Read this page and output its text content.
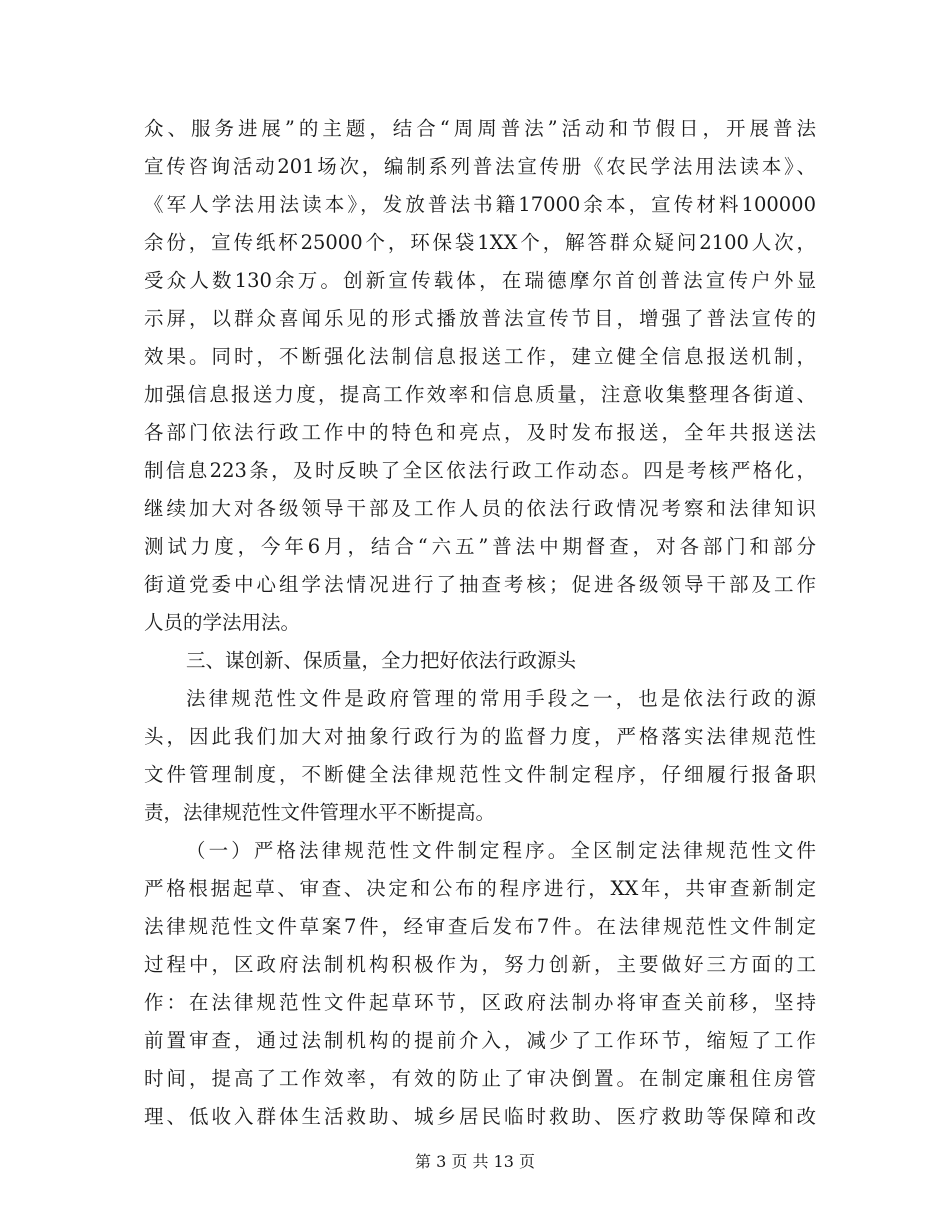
众、服务进展”的主题，结合“周周普法”活动和节假日，开展普法
宣传咨询活动201场次，编制系列普法宣传册《农民学法用法读本》、
《军人学法用法读本》，发放普法书籍17000余本，宣传材料100000
余份，宣传纸杯25000个，环保袋1XX个，解答群众疑问2100人次，
受众人数130余万。创新宣传载体，在瑞德摩尔首创普法宣传户外显
示屏，以群众喜闻乐见的形式播放普法宣传节目，增强了普法宣传的
效果。同时，不断强化法制信息报送工作，建立健全信息报送机制，
加强信息报送力度，提高工作效率和信息质量，注意收集整理各街道、
各部门依法行政工作中的特色和亮点，及时发布报送，全年共报送法
制信息223条，及时反映了全区依法行政工作动态。四是考核严格化，
继续加大对各级领导干部及工作人员的依法行政情况考察和法律知识
测试力度，今年6月，结合“六五”普法中期督查，对各部门和部分
街道党委中心组学法情况进行了抽查考核；促进各级领导干部及工作
人员的学法用法。
三、谋创新、保质量，全力把好依法行政源头
法律规范性文件是政府管理的常用手段之一，也是依法行政的源
头，因此我们加大对抽象行政行为的监督力度，严格落实法律规范性
文件管理制度，不断健全法律规范性文件制定程序，仔细履行报备职
责，法律规范性文件管理水平不断提高。
（一）严格法律规范性文件制定程序。全区制定法律规范性文件
严格根据起草、审查、决定和公布的程序进行，XX年，共审查新制定
法律规范性文件草案7件，经审查后发布7件。在法律规范性文件制定
过程中，区政府法制机构积极作为，努力创新，主要做好三方面的工
作：在法律规范性文件起草环节，区政府法制办将审查关前移，坚持
前置审查，通过法制机构的提前介入，减少了工作环节，缩短了工作
时间，提高了工作效率，有效的防止了审决倒置。在制定廉租住房管
理、低收入群体生活救助、城乡居民临时救助、医疗救助等保障和改
第 3 页 共 13 页
